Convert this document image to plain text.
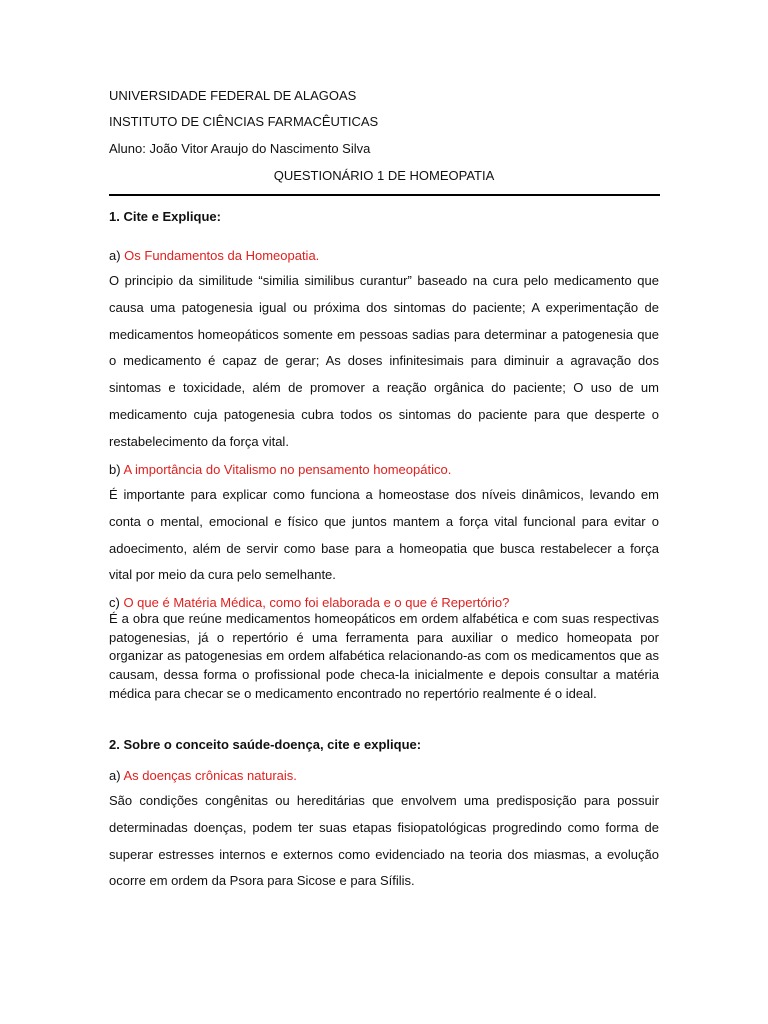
UNIVERSIDADE FEDERAL DE ALAGOAS
INSTITUTO DE CIÊNCIAS FARMACÊUTICAS
Aluno: João Vitor Araujo do Nascimento Silva
QUESTIONÁRIO 1 DE HOMEOPATIA
1. Cite e Explique:
a) Os Fundamentos da Homeopatia.
O principio da similitude “similia similibus curantur” baseado na cura pelo medicamento que causa uma patogenesia igual ou próxima dos sintomas do paciente; A experimentação de medicamentos homeopáticos somente em pessoas sadias para determinar a patogenesia que o medicamento é capaz de gerar; As doses infinitesimais para diminuir a agravação dos sintomas e toxicidade, além de promover a reação orgânica do paciente; O uso de um medicamento cuja patogenesia cubra todos os sintomas do paciente para que desperte o restabelecimento da força vital.
b) A importância do Vitalismo no pensamento homeopático.
É importante para explicar como funciona a homeostase dos níveis dinâmicos, levando em conta o mental, emocional e físico que juntos mantem a força vital funcional para evitar o adoecimento, além de servir como base para a homeopatia que busca restabelecer a força vital por meio da cura pelo semelhante.
c) O que é Matéria Médica, como foi elaborada e o que é Repertório?
É a obra que reúne medicamentos homeopáticos em ordem alfabética e com suas respectivas patogenesias, já o repertório é uma ferramenta para auxiliar o medico homeopata por organizar as patogenesias em ordem alfabética relacionando-as com os medicamentos que as causam, dessa forma o profissional pode checa-la inicialmente e depois consultar a matéria médica para checar se o medicamento encontrado no repertório realmente é o ideal.
2. Sobre o conceito saúde-doença, cite e explique:
a) As doenças crônicas naturais.
São condições congênitas ou hereditárias que envolvem uma predisposição para possuir determinadas doenças, podem ter suas etapas fisiopatológicas progredindo como forma de superar estresses internos e externos como evidenciado na teoria dos miasmas, a evolução ocorre em ordem da Psora para Sicose e para Sífilis.
